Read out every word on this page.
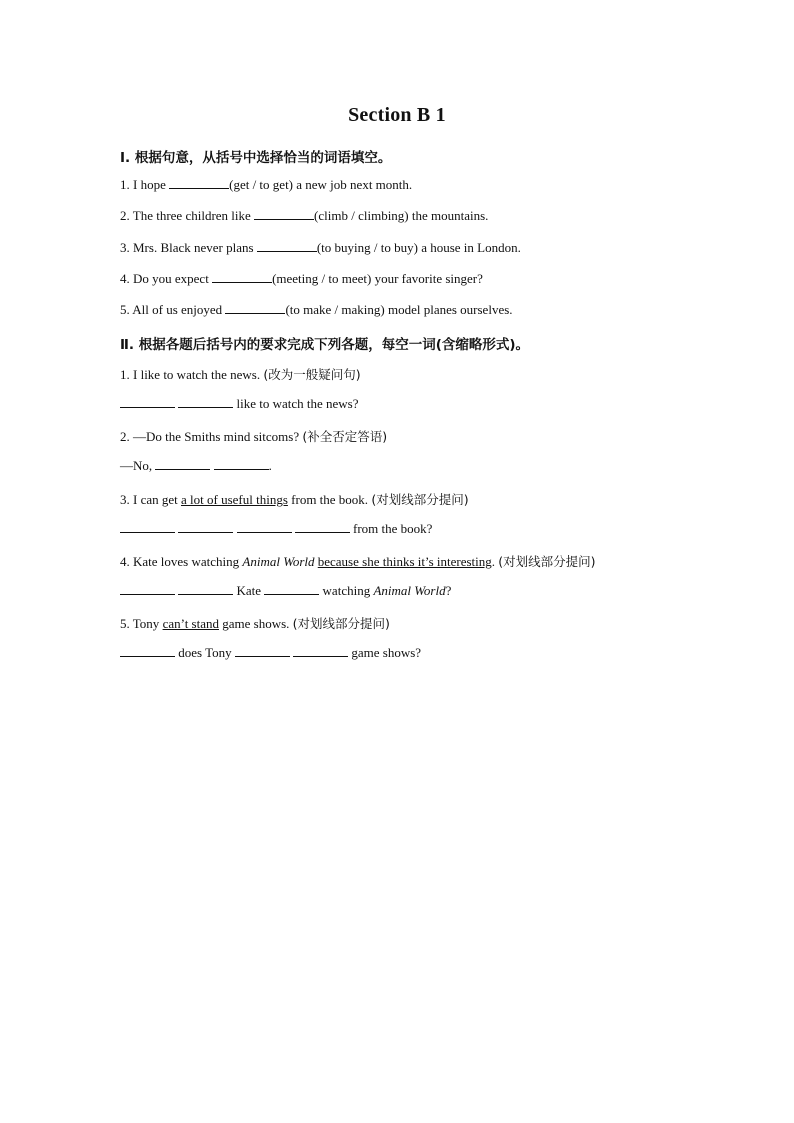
Section B 1
Ⅰ. 根据句意，从括号中选择恰当的词语填空。
1. I hope	(get / to get) a new job next month.
2. The three children like	(climb / climbing) the mountains.
3. Mrs. Black never plans	(to buying / to buy) a house in London.
4. Do you expect	(meeting / to meet) your favorite singer?
5. All of us enjoyed	(to make / making) model planes ourselves.
Ⅱ. 根据各题后括号内的要求完成下列各题，每空一词(含缩略形式)。
1. I like to watch the news. (改为一般疑问句)
like to watch the news?
2. —Do the Smiths mind sitcoms? (补全否定答语)
—No,	.
3. I can get a lot of useful things from the book. (对划线部分提问)
from the book?
4. Kate loves watching Animal World because she thinks it’s interesting. (对划线部分提问)
Kate	watching Animal World?
5. Tony can’t stand game shows. (对划线部分提问)
does Tony	game shows?
